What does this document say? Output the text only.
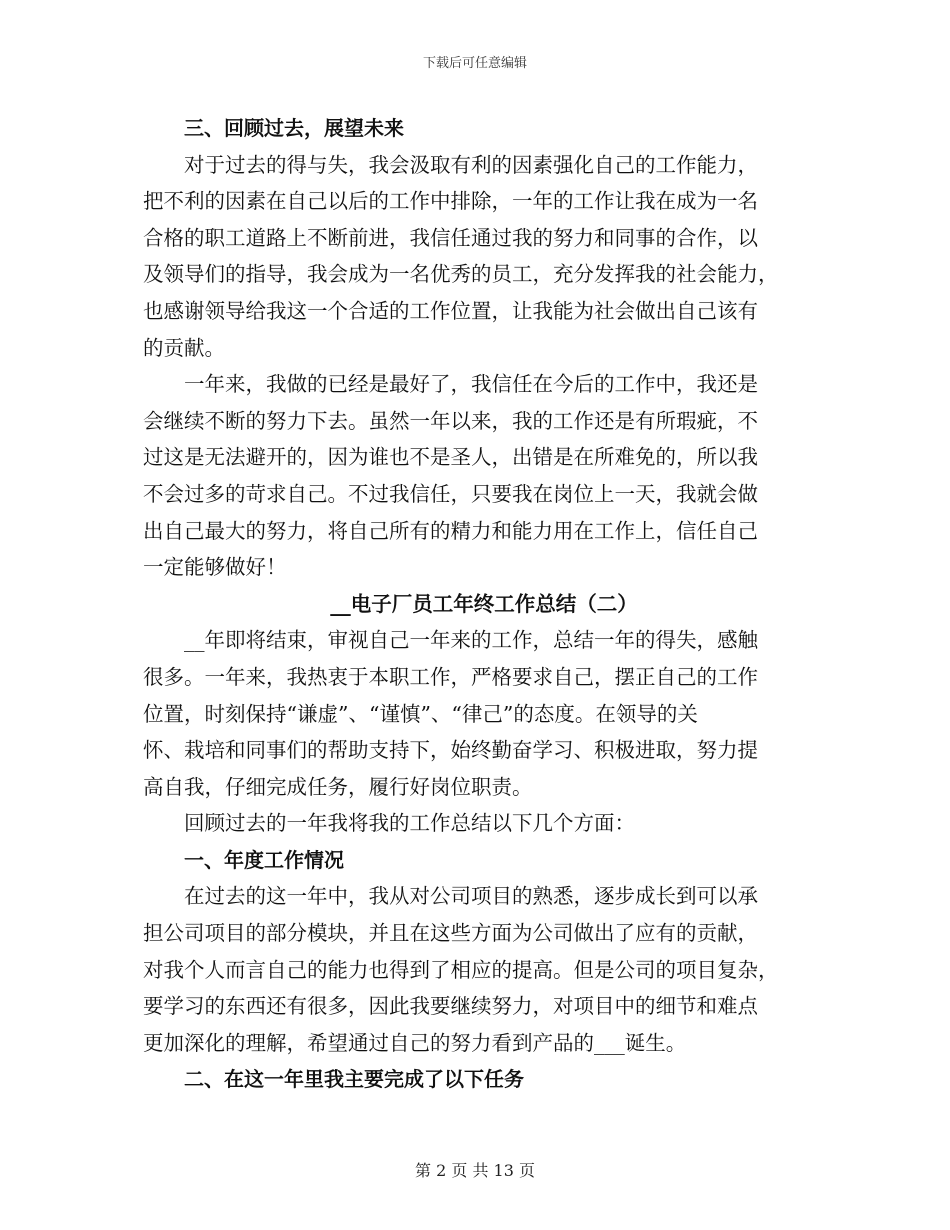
下载后可任意编辑
三、回顾过去，展望未来
对于过去的得与失，我会汲取有利的因素强化自己的工作能力，
把不利的因素在自己以后的工作中排除，一年的工作让我在成为一名
合格的职工道路上不断前进，我信任通过我的努力和同事的合作，以
及领导们的指导，我会成为一名优秀的员工，充分发挥我的社会能力，
也感谢领导给我这一个合适的工作位置，让我能为社会做出自己该有
的贡献。
一年来，我做的已经是最好了，我信任在今后的工作中，我还是
会继续不断的努力下去。虽然一年以来，我的工作还是有所瑕疵，不
过这是无法避开的，因为谁也不是圣人，出错是在所难免的，所以我
不会过多的苛求自己。不过我信任，只要我在岗位上一天，我就会做
出自己最大的努力，将自己所有的精力和能力用在工作上，信任自己
一定能够做好！
__电子厂员工年终工作总结（二）
__年即将结束，审视自己一年来的工作，总结一年的得失，感触
很多。一年来，我热衷于本职工作，严格要求自己，摆正自己的工作
位置，时刻保持“谦虚”、“谨慎”、“律己”的态度。在领导的关
怀、栽培和同事们的帮助支持下，始终勤奋学习、积极进取，努力提
高自我，仔细完成任务，履行好岗位职责。
回顾过去的一年我将我的工作总结以下几个方面：
一、年度工作情况
在过去的这一年中，我从对公司项目的熟悉，逐步成长到可以承
担公司项目的部分模块，并且在这些方面为公司做出了应有的贡献，
对我个人而言自己的能力也得到了相应的提高。但是公司的项目复杂，
要学习的东西还有很多，因此我要继续努力，对项目中的细节和难点
更加深化的理解，希望通过自己的努力看到产品的___诞生。
二、在这一年里我主要完成了以下任务
第 2 页 共 13 页
